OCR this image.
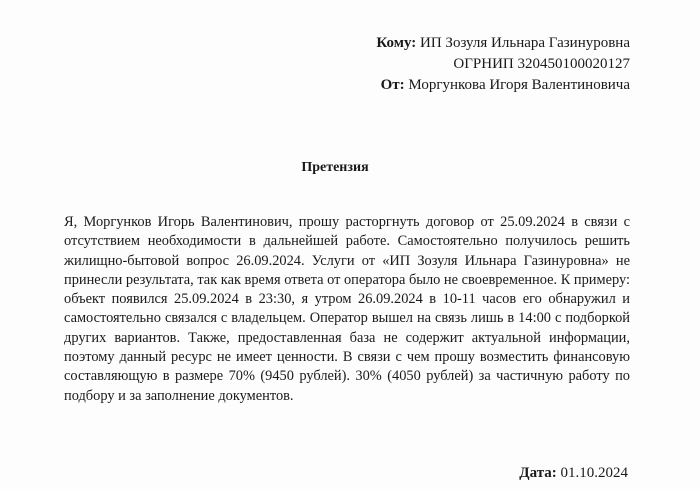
Кому: ИП Зозуля Ильнара Газинуровна
ОГРНИП 320450100020127
От: Моргункова Игоря Валентиновича
Претензия
Я, Моргунков Игорь Валентинович, прошу расторгнуть договор от 25.09.2024 в связи с отсутствием необходимости в дальнейшей работе. Самостоятельно получилось решить жилищно-бытовой вопрос 26.09.2024. Услуги от «ИП Зозуля Ильнара Газинуровна» не принесли результата, так как время ответа от оператора было не своевременное. К примеру: объект появился 25.09.2024 в 23:30, я утром 26.09.2024 в 10-11 часов его обнаружил и самостоятельно связался с владельцем. Оператор вышел на связь лишь в 14:00 с подборкой других вариантов. Также, предоставленная база не содержит актуальной информации, поэтому данный ресурс не имеет ценности. В связи с чем прошу возместить финансовую составляющую в размере 70% (9450 рублей). 30% (4050 рублей) за частичную работу по подбору и за заполнение документов.
Дата: 01.10.2024
